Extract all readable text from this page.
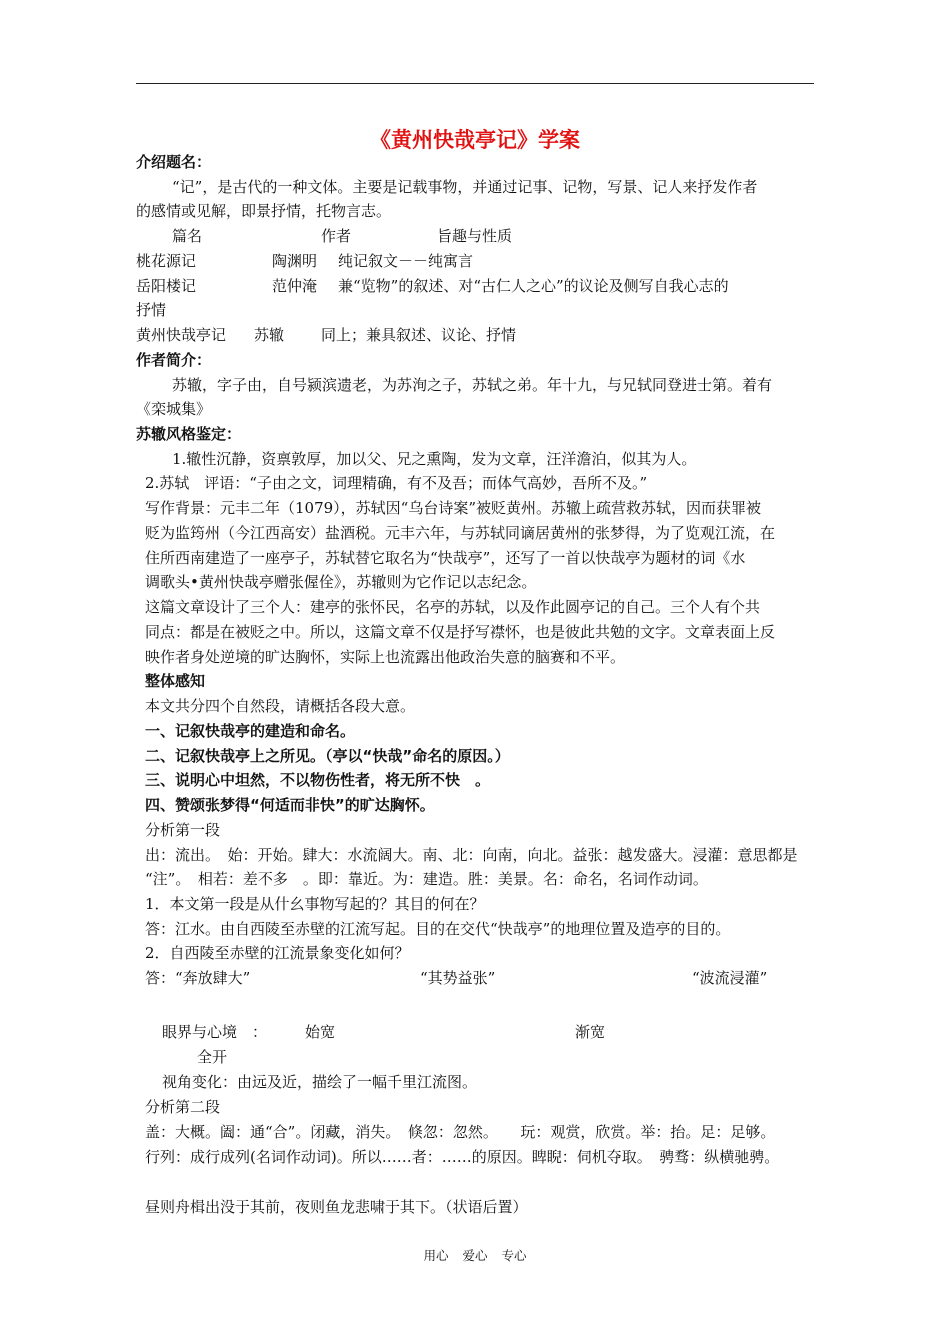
《黄州快哉亭记》学案
介绍题名：
“记”，是古代的一种文体。主要是记载事物，并通过记事、记物，写景、记人来抒发作者
的感情或见解，即景抒情，托物言志。
篇名	作者	旨趣与性质
桃花源记	陶渊明 纯记叙文－－纯寓言
岳阳楼记	范仲淹 兼“览物”的叙述、对“古仁人之心”的议论及侧写自我心志的
抒情
黄州快哉亭记 苏辙 同上；兼具叙述、议论、抒情
作者简介：
苏辙，字子由，自号颍滨遗老，为苏洵之子，苏轼之弟。年十九，与兄轼同登进士第。着有
《栾城集》
苏辙风格鉴定：
1.辙性沉静，资禀敦厚，加以父、兄之熏陶，发为文章，汪洋澹泊，似其为人。
2.苏轼　评语：“子由之文，词理精确，有不及吾；而体气高妙，吾所不及。”
写作背景：元丰二年（1079），苏轼因“乌台诗案”被贬黄州。苏辙上疏营救苏轼，因而获罪被
贬为监筠州（今江西高安）盐酒税。元丰六年，与苏轼同谪居黄州的张梦得，为了览观江流，在
住所西南建造了一座亭子，苏轼替它取名为“快哉亭”，还写了一首以快哉亭为题材的词《水
调歌头•黄州快哉亭赠张偓佺》，苏辙则为它作记以志纪念。
这篇文章设计了三个人：建亭的张怀民，名亭的苏轼，以及作此圆亭记的自己。三个人有个共
同点：都是在被贬之中。所以，这篇文章不仅是抒写襟怀，也是彼此共勉的文字。文章表面上反
映作者身处逆境的旷达胸怀，实际上也流露出他政治失意的脑赛和不平。
整体感知
本文共分四个自然段，请概括各段大意。
一、记叙快哉亭的建造和命名。
二、记叙快哉亭上之所见。（亭以“快哉”命名的原因。）
三、说明心中坦然，不以物伤性者，将无所不快　。
四、赞颂张梦得“何适而非快”的旷达胸怀。
分析第一段
出：流出。　始：开始。肆大：水流阔大。南、北：向南，向北。益张：越发盛大。浸灌：意思都是
“注”。　相若：差不多　。即：靠近。为：建造。胜：美景。名：命名，名词作动词。
1．本文第一段是从什幺事物写起的？其目的何在？
答：江水。由自西陵至赤壁的江流写起。目的在交代“快哉亭”的地理位置及造亭的目的。
2．自西陵至赤壁的江流景象变化如何？
答：“奔放肆大”	“其势益张”	“波流浸灌”
眼界与心境　：	始宽	渐宽
全开
视角变化：由远及近，描绘了一幅千里江流图。
分析第二段
盖：大概。阖：通“合”。闭藏，消失。　倏忽：忽然。　　玩：观赏，欣赏。举：抬。足：足够。
行列：成行成列(名词作动词)。所以……者：……的原因。睥睨：伺机夺取。　骋骛：纵横驰骋。
昼则舟楫出没于其前，夜则鱼龙悲啸于其下。（状语后置）
用心 爱心 专心
